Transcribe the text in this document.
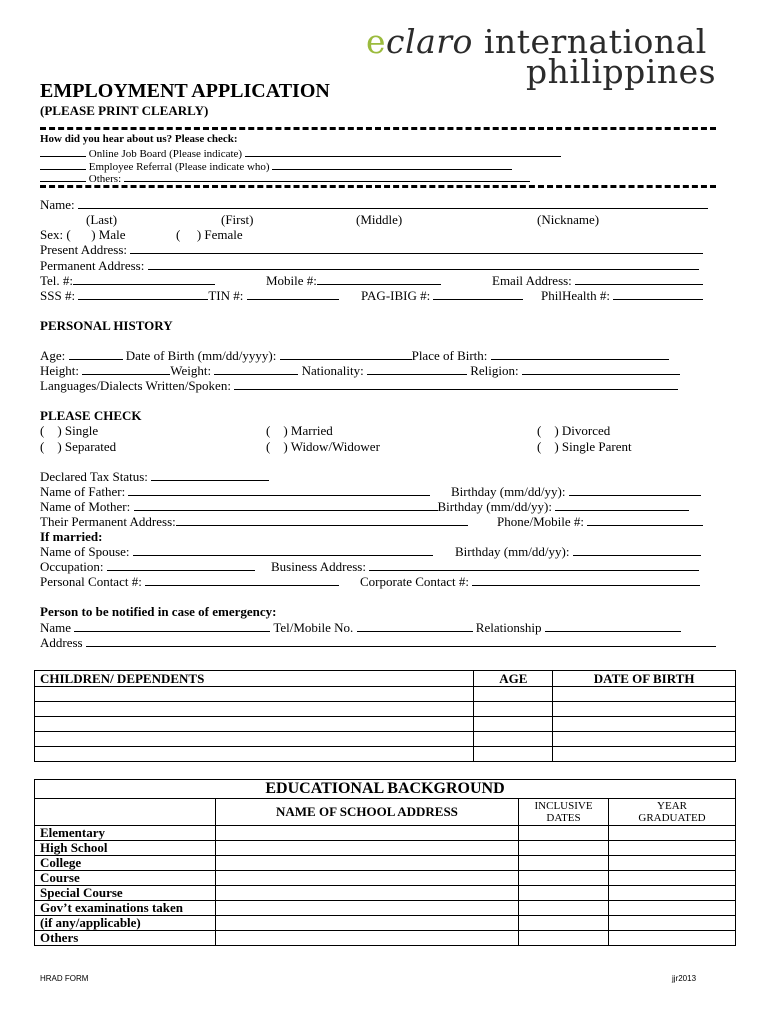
eclaro international
philippines
EMPLOYMENT APPLICATION
(PLEASE PRINT CLEARLY)
How did you hear about us? Please check:
Online Job Board (Please indicate)
Employee Referral (Please indicate who)
Others:
Name:
(Last)	(First)	(Middle)	(Nickname)
Sex: ( ) Male	( ) Female
Present Address:
Permanent Address:
Tel. #:	Mobile #:	Email Address:
SSS #:	TIN #:	PAG-IBIG #:	PhilHealth #:
PERSONAL HISTORY
Age:	Date of Birth (mm/dd/yyyy):	Place of Birth:
Height:	Weight:	Nationality:	Religion:
Languages/Dialects Written/Spoken:
PLEASE CHECK
( ) Single	( ) Married	( ) Divorced
( ) Separated	( ) Widow/Widower	( ) Single Parent
Declared Tax Status:
Name of Father:	Birthday (mm/dd/yy):
Name of Mother:	Birthday (mm/dd/yy):
Their Permanent Address:	Phone/Mobile #:
If married:
Name of Spouse:	Birthday (mm/dd/yy):
Occupation:	Business Address:
Personal Contact #:	Corporate Contact #:
Person to be notified in case of emergency:
Name	Tel/Mobile No.	Relationship
Address
CHILDREN/ DEPENDENTS	AGE	DATE OF BIRTH

EDUCATIONAL BACKGROUND			
	NAME OF SCHOOL ADDRESS	INCLUSIVE DATES	YEAR GRADUATED
Elementary			
High School			
College			
Course			
Special Course			
Gov’t examinations taken			
(if any/applicable)			
Others			
HRAD FORM	jjr2013
